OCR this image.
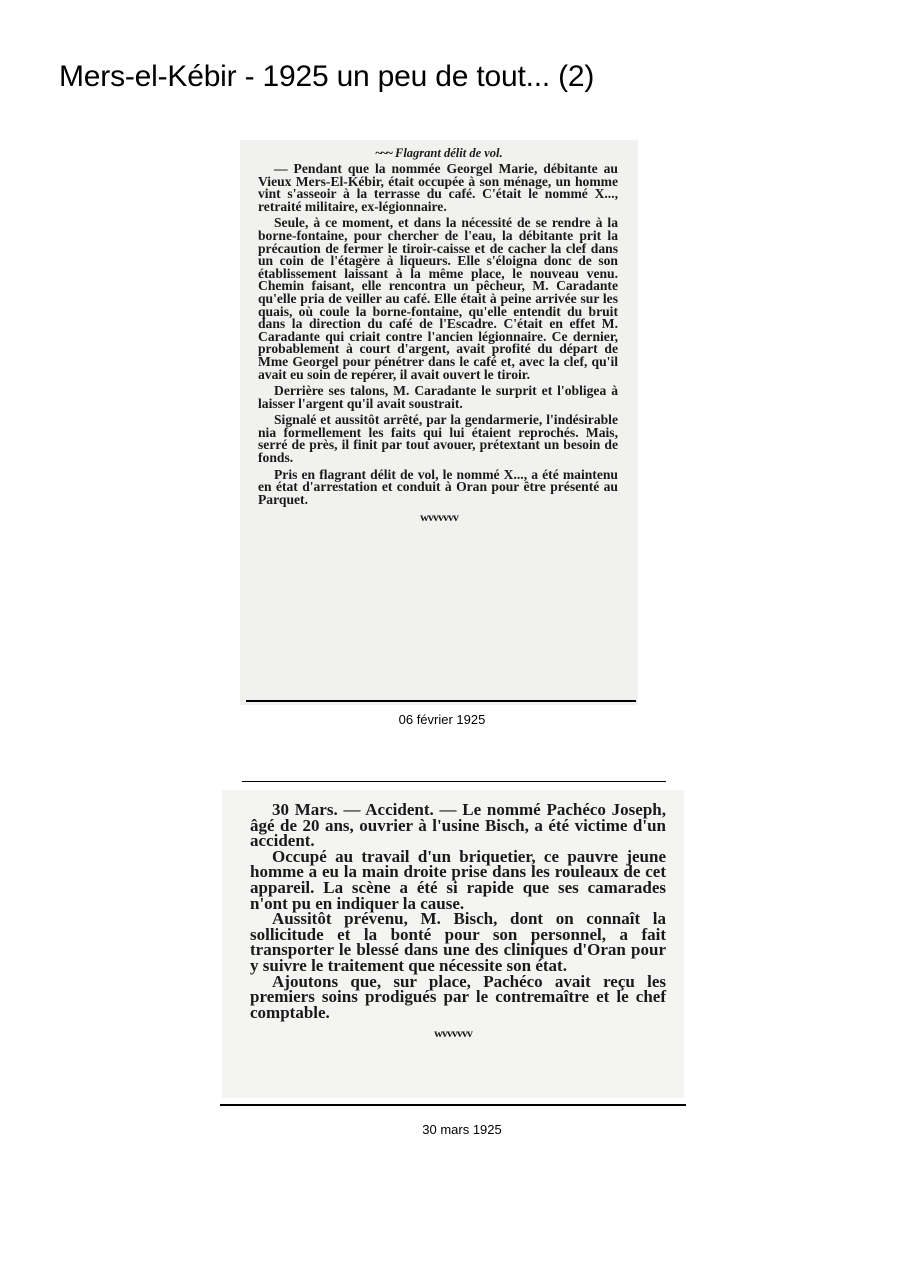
Mers-el-Kébir - 1925 un peu de tout... (2)
~~~ Flagrant délit de vol.

— Pendant que la nommée Georgel Marie, débitante au Vieux Mers-El-Kébir, était occupée à son ménage, un homme vint s'asseoir à la terrasse du café. C'était le nommé X..., retraité militaire, ex-légionnaire.

Seule, à ce moment, et dans la nécessité de se rendre à la borne-fontaine, pour chercher de l'eau, la débitante prit la précaution de fermer le tiroir-caisse et de cacher la clef dans un coin de l'étagère à liqueurs. Elle s'éloigna donc de son établissement laissant à la même place, le nouveau venu. Chemin faisant, elle rencontra un pêcheur, M. Caradante qu'elle pria de veiller au café. Elle était à peine arrivée sur les quais, où coule la borne-fontaine, qu'elle entendit du bruit dans la direction du café de l'Escadre. C'était en effet M. Caradante qui criait contre l'ancien légionnaire. Ce dernier, probablement à court d'argent, avait profité du départ de Mme Georgel pour pénétrer dans le café et, avec la clef, qu'il avait eu soin de repérer, il avait ouvert le tiroir.

Derrière ses talons, M. Caradante le surprit et l'obligea à laisser l'argent qu'il avait soustrait.

Signalé et aussitôt arrêté, par la gendarmerie, l'indésirable nia formellement les faits qui lui étaient reprochés. Mais, serré de près, il finit par tout avouer, prétextant un besoin de fonds.

Pris en flagrant délit de vol, le nommé X..., a été maintenu en état d'arrestation et conduit à Oran pour être présenté au Parquet.

wvvvvvv
06 février 1925

30 Mars. — Accident. — Le nommé Pachéco Joseph, âgé de 20 ans, ouvrier à l'usine Bisch, a été victime d'un accident.

Occupé au travail d'un briquetier, ce pauvre jeune homme a eu la main droite prise dans les rouleaux de cet appareil. La scène a été si rapide que ses camarades n'ont pu en indiquer la cause.

Aussitôt prévenu, M. Bisch, dont on connaît la sollicitude et la bonté pour son personnel, a fait transporter le blessé dans une des cliniques d'Oran pour y suivre le traitement que nécessite son état.

Ajoutons que, sur place, Pachéco avait reçu les premiers soins prodigués par le contremaître et le chef comptable.

wvvvvvv
30 mars 1925
